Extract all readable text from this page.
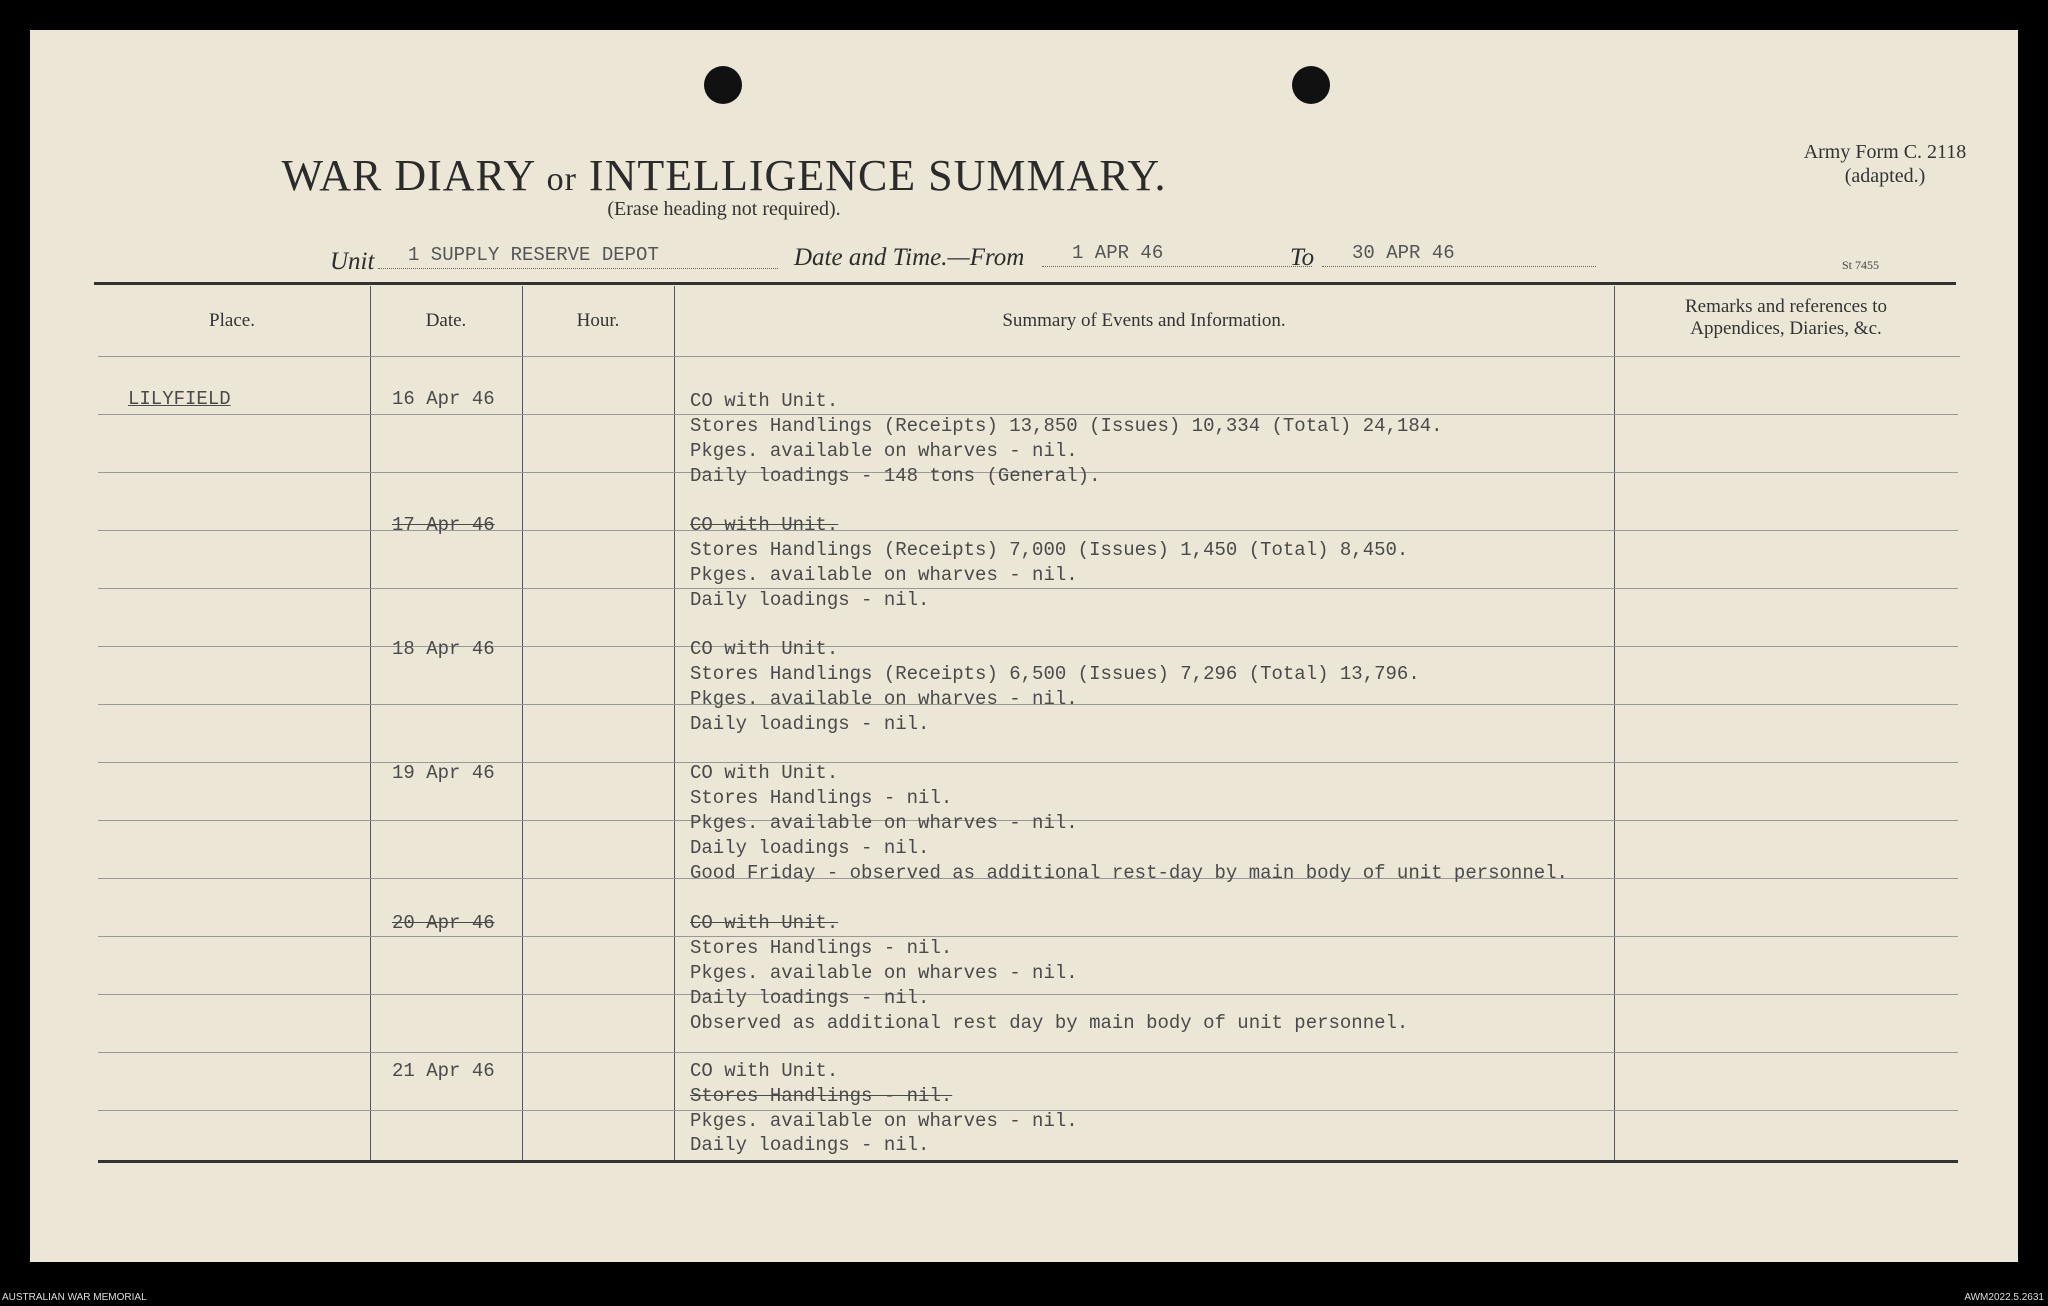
WAR DIARY or INTELLIGENCE SUMMARY.
(Erase heading not required).
Army Form C. 2118
(adapted.)
St 7455
Unit	1 SUPPLY RESERVE DEPOT	Date and Time.—From	1 APR 46	To	30 APR 46
Place.	Date.	Hour.	Summary of Events and Information.
Remarks and references to
Appendices, Diaries, &c.
LILYFIELD	16 Apr 46	CO with Unit.
Stores Handlings (Receipts) 13,850 (Issues) 10,334 (Total) 24,184.
Pkges. available on wharves - nil.
Daily loadings - 148 tons (General).
17 Apr 46	CO with Unit.
Stores Handlings (Receipts) 7,000 (Issues) 1,450 (Total) 8,450.
Pkges. available on wharves - nil.
Daily loadings - nil.
18 Apr 46	CO with Unit.
Stores Handlings (Receipts) 6,500 (Issues) 7,296 (Total) 13,796.
Pkges. available on wharves - nil.
Daily loadings - nil.
19 Apr 46	CO with Unit.
Stores Handlings - nil.
Pkges. available on wharves - nil.
Daily loadings - nil.
Good Friday - observed as additional rest-day by main body of unit personnel.
20 Apr 46	CO with Unit.
Stores Handlings - nil.
Pkges. available on wharves - nil.
Daily loadings - nil.
Observed as additional rest day by main body of unit personnel.
21 Apr 46	CO with Unit.
Stores Handlings - nil.
Pkges. available on wharves - nil.
Daily loadings - nil.
AUSTRALIAN WAR MEMORIAL	AWM2022.5.2631
